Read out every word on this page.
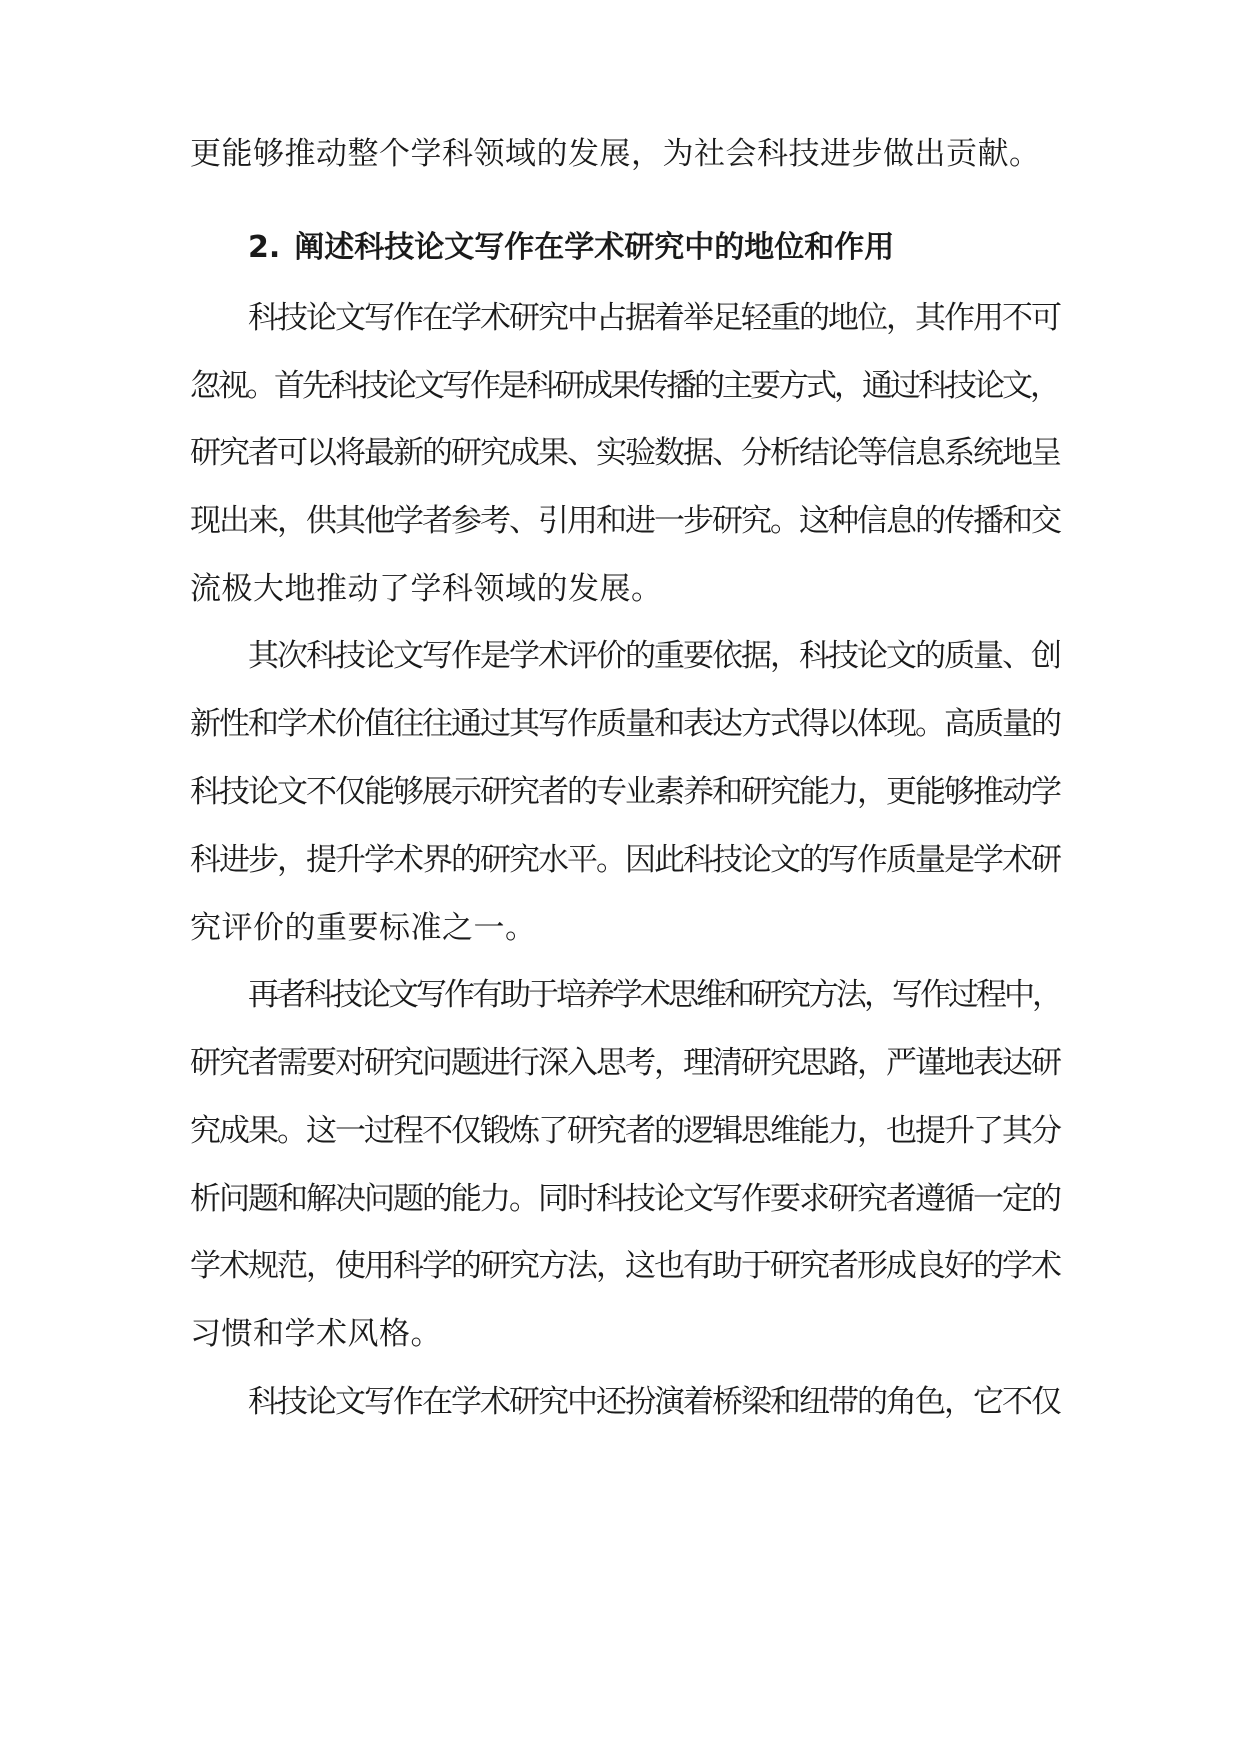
更能够推动整个学科领域的发展，为社会科技进步做出贡献。
2. 阐述科技论文写作在学术研究中的地位和作用
科技论文写作在学术研究中占据着举足轻重的地位，其作用不可
忽视。首先科技论文写作是科研成果传播的主要方式，通过科技论文，
研究者可以将最新的研究成果、实验数据、分析结论等信息系统地呈
现出来，供其他学者参考、引用和进一步研究。这种信息的传播和交
流极大地推动了学科领域的发展。
其次科技论文写作是学术评价的重要依据，科技论文的质量、创
新性和学术价值往往通过其写作质量和表达方式得以体现。高质量的
科技论文不仅能够展示研究者的专业素养和研究能力，更能够推动学
科进步，提升学术界的研究水平。因此科技论文的写作质量是学术研
究评价的重要标准之一。
再者科技论文写作有助于培养学术思维和研究方法，写作过程中，
研究者需要对研究问题进行深入思考，理清研究思路，严谨地表达研
究成果。这一过程不仅锻炼了研究者的逻辑思维能力，也提升了其分
析问题和解决问题的能力。同时科技论文写作要求研究者遵循一定的
学术规范，使用科学的研究方法，这也有助于研究者形成良好的学术
习惯和学术风格。
科技论文写作在学术研究中还扮演着桥梁和纽带的角色，它不仅
